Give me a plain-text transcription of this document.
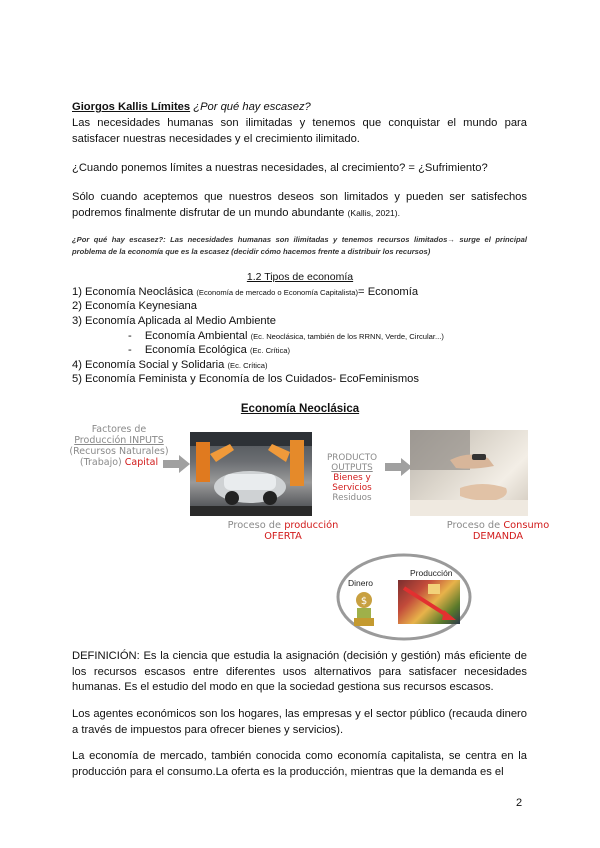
Giorgos Kallis Límites ¿Por qué hay escasez?
Las necesidades humanas son ilimitadas y tenemos que conquistar el mundo para satisfacer nuestras necesidades y el crecimiento ilimitado.
¿Cuando ponemos límites a nuestras necesidades, al crecimiento? = ¿Sufrimiento?
Sólo cuando aceptemos que nuestros deseos son limitados y pueden ser satisfechos podremos finalmente disfrutar de un mundo abundante (Kallis, 2021).
¿Por qué hay escasez?: Las necesidades humanas son ilimitadas y tenemos recursos limitados→ surge el principal problema de la economía que es la escasez (decidir cómo hacemos frente a distribuir los recursos)
1.2 Tipos de economía
1) Economía Neoclásica (Economía de mercado o Economía Capitalista)= Economía
2) Economía Keynesiana
3) Economía Aplicada al Medio Ambiente
- Economía Ambiental (Ec. Neoclásica, también de los RRNN, Verde, Circular...)
- Economía Ecológica (Ec. Crítica)
4) Economía Social y Solidaria (Ec. Crítica)
5) Economía Feminista y Economía de los Cuidados- EcoFeminismos
Economía Neoclásica
Factores de
Producción INPUTS
(Recursos Naturales)
(Trabajo) Capital	PRODUCTO
OUTPUTS
Bienes y
Servicios
Residuos
Proceso de producción
OFERTA
Proceso de Consumo
DEMANDA
Dinero
$
Producción
DEFINICIÓN: Es la ciencia que estudia la asignación (decisión y gestión) más eficiente de los recursos escasos entre diferentes usos alternativos para satisfacer necesidades humanas. Es el estudio del modo en que la sociedad gestiona sus recursos escasos.
Los agentes económicos son los hogares, las empresas y el sector público (recauda dinero a través de impuestos para ofrecer bienes y servicios).
La economía de mercado, también conocida como economía capitalista, se centra en la producción para el consumo.La oferta es la producción, mientras que la demanda es el
2
